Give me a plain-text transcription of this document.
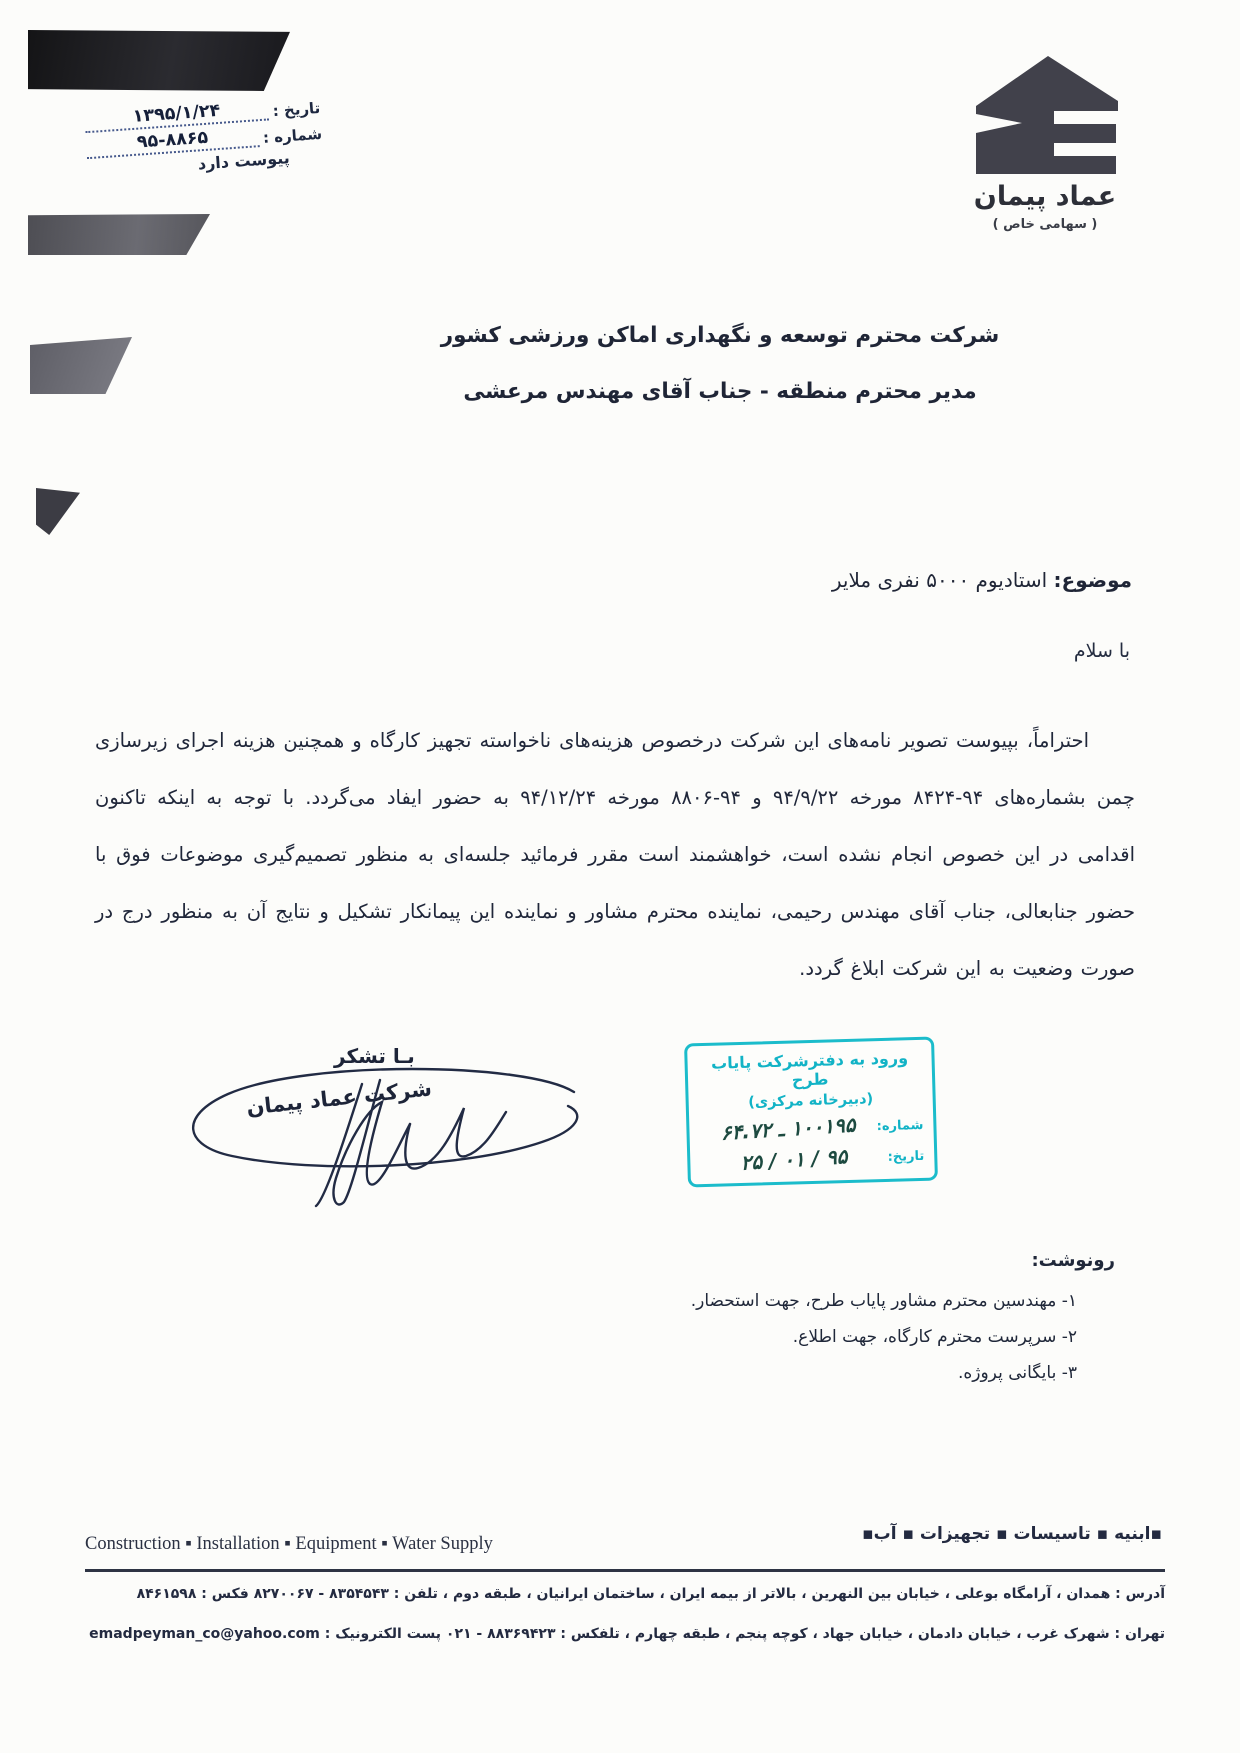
تاریخ :
۱۳۹۵/۱/۲۴
شماره :
۹۵-۸۸۶۵
پیوست دارد
عماد پیمان
( سهامی خاص )
شرکت محترم توسعه و نگهداری اماکن ورزشی کشور
مدیر محترم منطقه - جناب آقای مهندس مرعشی
موضوع: استادیوم ۵۰۰۰ نفری ملایر
با سلام

احتراماً، بپیوست تصویر نامه‌های این شرکت درخصوص هزینه‌های ناخواسته تجهیز کارگاه و همچنین هزینه اجرای زیرسازی چمن بشماره‌های ۹۴-۸۴۲۴ مورخه ۹۴/۹/۲۲ و ۹۴-۸۸۰۶ مورخه ۹۴/۱۲/۲۴ به حضور ایفاد می‌گردد. با توجه به اینکه تاکنون اقدامی در این خصوص انجام نشده است، خواهشمند است مقرر فرمائید جلسه‌ای به منظور تصمیم‌گیری موضوعات فوق با حضور جنابعالی، جناب آقای مهندس رحیمی، نماینده محترم مشاور و نماینده این پیمانکار تشکیل و نتایج آن به منظور درج در صورت وضعیت به این شرکت ابلاغ گردد.

بـا تشکر
شرکت عماد پیمان
ورود به دفترشرکت پایاب طرح
(دبیرخانه مرکزی)
شماره:
۱۰۰۱۹۵ ـ ۶۴.۷۲
تاریخ:
۹۵ / ۰۱ / ۲۵
رونوشت:
۱- مهندسین محترم مشاور پایاب طرح، جهت استحضار.
۲- سرپرست محترم کارگاه، جهت اطلاع.
۳- بایگانی پروژه.
▪ابنیه ▪ تاسیسات ▪ تجهیزات ▪ آب▪
Construction ▪ Installation ▪ Equipment ▪ Water Supply
آدرس : همدان ، آرامگاه بوعلی ، خیابان بین النهرین ، بالاتر از بیمه ایران ، ساختمان ایرانیان ، طبقه دوم ، تلفن : ۸۳۵۴۵۴۳ - ۸۲۷۰۰۶۷ فکس : ۸۴۶۱۵۹۸
تهران : شهرک غرب ، خیابان دادمان ، خیابان جهاد ، کوچه پنجم ، طبقه چهارم ، تلفکس : ۸۸۳۶۹۴۲۳ - ۰۲۱ پست الکترونیک : emadpeyman_co@yahoo.com
